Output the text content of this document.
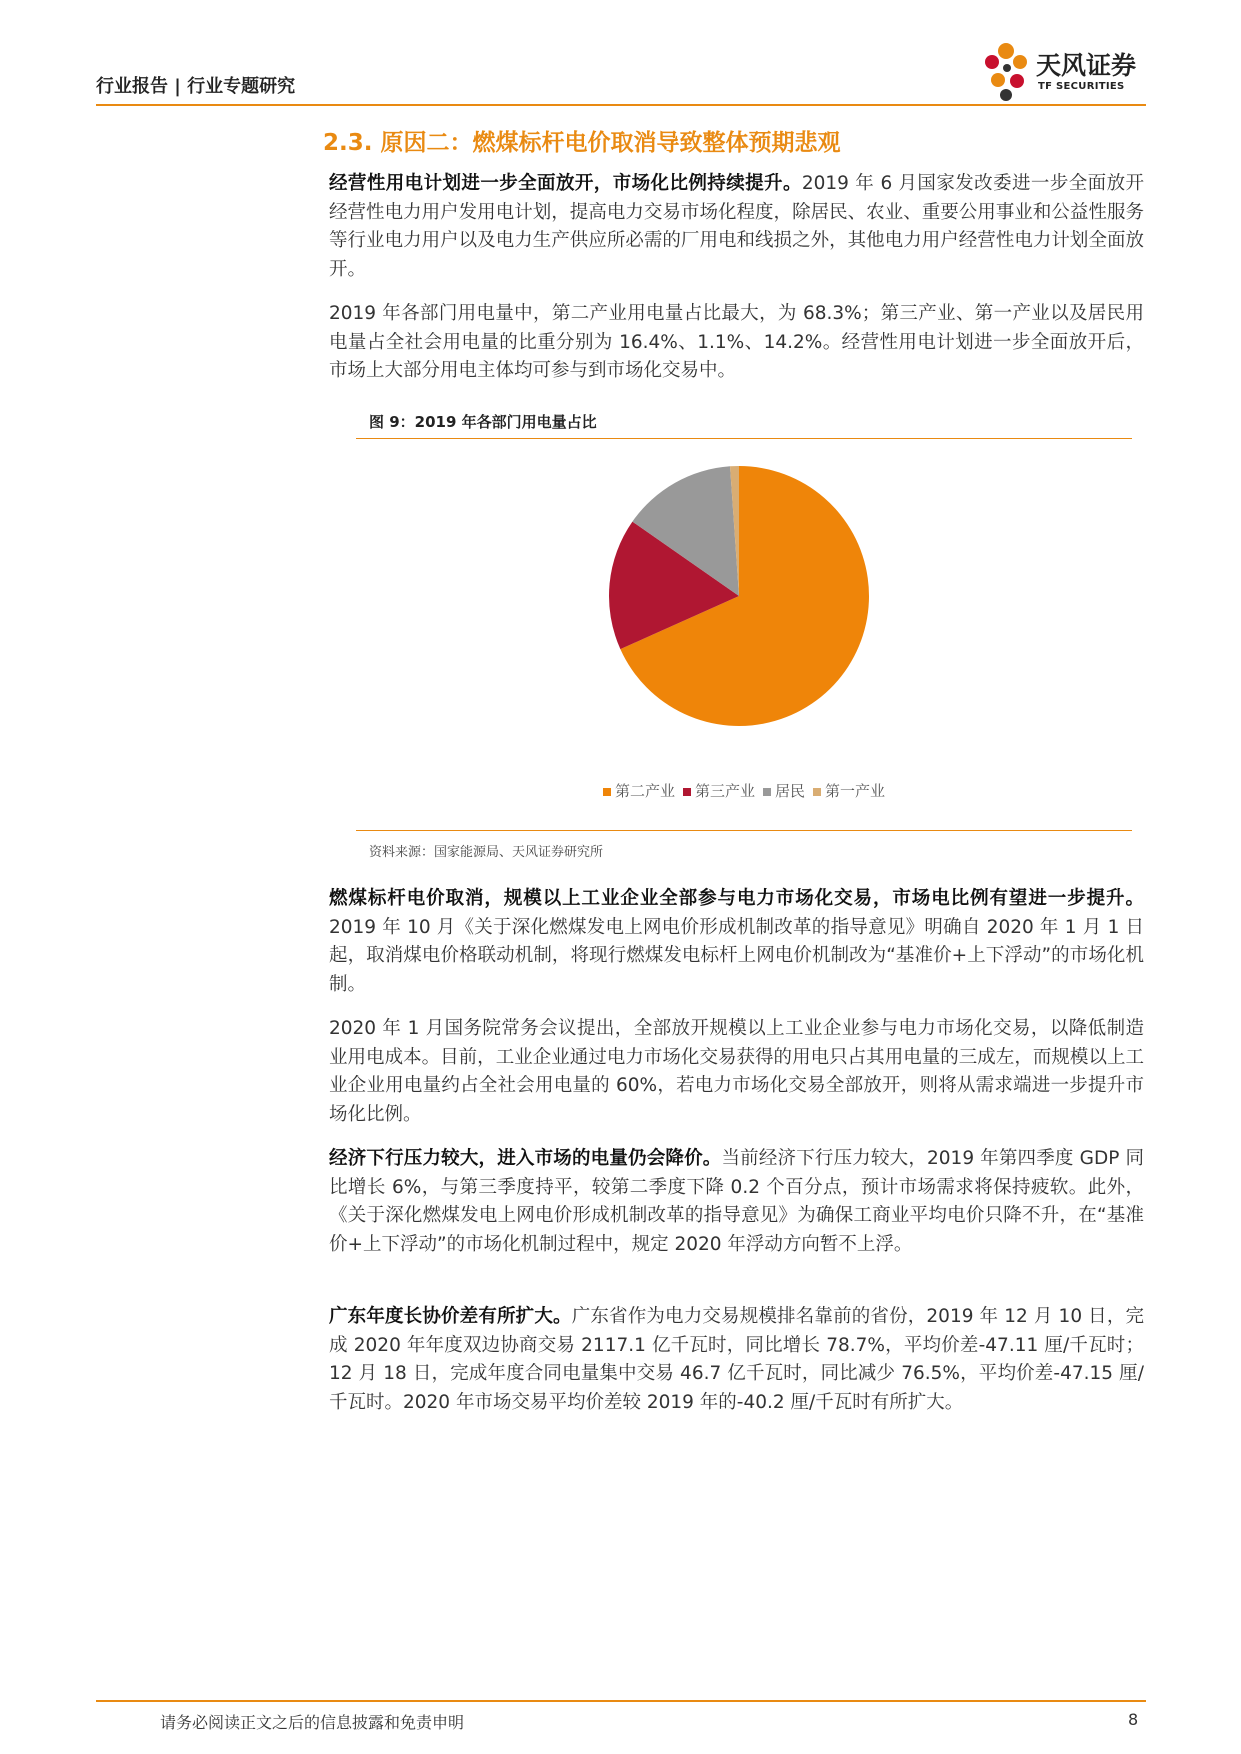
行业报告 | 行业专题研究
天风证券
TF SECURITIES
2.3. 原因二：燃煤标杆电价取消导致整体预期悲观

经营性用电计划进一步全面放开，市场化比例持续提升。2019 年 6 月国家发改委进一步全面放开经营性电力用户发用电计划，提高电力交易市场化程度，除居民、农业、重要公用事业和公益性服务等行业电力用户以及电力生产供应所必需的厂用电和线损之外，其他电力用户经营性电力计划全面放开。

2019 年各部门用电量中，第二产业用电量占比最大，为 68.3%；第三产业、第一产业以及居民用电量占全社会用电量的比重分别为 16.4%、1.1%、14.2%。经营性用电计划进一步全面放开后，市场上大部分用电主体均可参与到市场化交易中。

图 9：2019 年各部门用电量占比
第二产业 第三产业 居民 第一产业
资料来源：国家能源局、天风证券研究所

燃煤标杆电价取消，规模以上工业企业全部参与电力市场化交易，市场电比例有望进一步提升。2019 年 10 月《关于深化燃煤发电上网电价形成机制改革的指导意见》明确自 2020 年 1 月 1 日起，取消煤电价格联动机制，将现行燃煤发电标杆上网电价机制改为“基准价+上下浮动”的市场化机制。

2020 年 1 月国务院常务会议提出，全部放开规模以上工业企业参与电力市场化交易，以降低制造业用电成本。目前，工业企业通过电力市场化交易获得的用电只占其用电量的三成左，而规模以上工业企业用电量约占全社会用电量的 60%，若电力市场化交易全部放开，则将从需求端进一步提升市场化比例。

经济下行压力较大，进入市场的电量仍会降价。当前经济下行压力较大，2019 年第四季度 GDP 同比增长 6%，与第三季度持平，较第二季度下降 0.2 个百分点，预计市场需求将保持疲软。此外，《关于深化燃煤发电上网电价形成机制改革的指导意见》为确保工商业平均电价只降不升，在“基准价+上下浮动”的市场化机制过程中，规定 2020 年浮动方向暂不上浮。

广东年度长协价差有所扩大。广东省作为电力交易规模排名靠前的省份，2019 年 12 月 10 日，完成 2020 年年度双边协商交易 2117.1 亿千瓦时，同比增长 78.7%，平均价差-47.11 厘/千瓦时；12 月 18 日，完成年度合同电量集中交易 46.7 亿千瓦时，同比减少 76.5%，平均价差-47.15 厘/千瓦时。2020 年市场交易平均价差较 2019 年的-40.2 厘/千瓦时有所扩大。

请务必阅读正文之后的信息披露和免责申明	8
